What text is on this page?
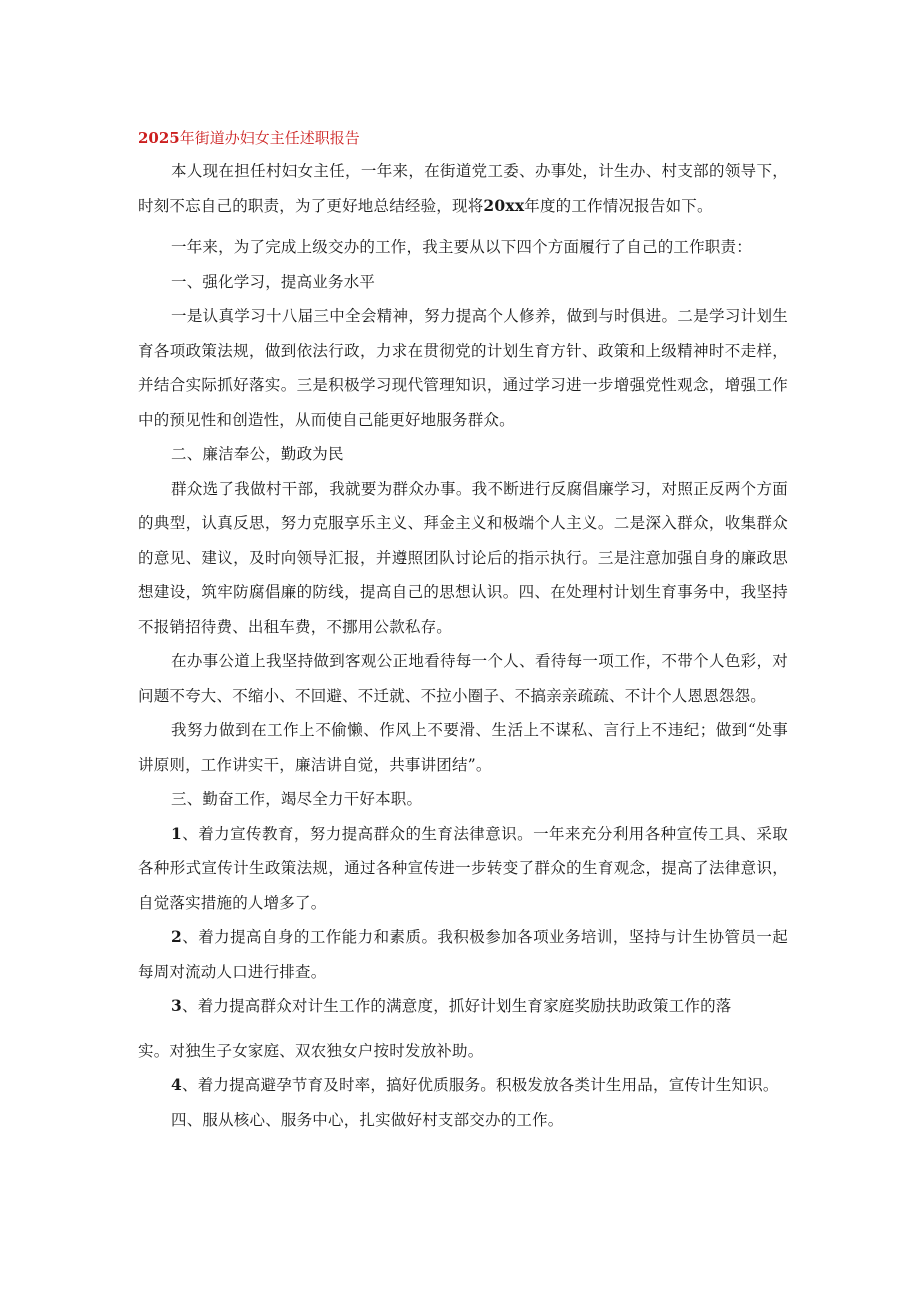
2025年街道办妇女主任述职报告

本人现在担任村妇女主任，一年来，在街道党工委、办事处，计生办、村支部的领导下，时刻不忘自己的职责，为了更好地总结经验，现将20xx年度的工作情况报告如下。

一年来，为了完成上级交办的工作，我主要从以下四个方面履行了自己的工作职责：

一、强化学习，提高业务水平

一是认真学习十八届三中全会精神，努力提高个人修养，做到与时俱进。二是学习计划生育各项政策法规，做到依法行政，力求在贯彻党的计划生育方针、政策和上级精神时不走样，并结合实际抓好落实。三是积极学习现代管理知识，通过学习进一步增强党性观念，增强工作中的预见性和创造性，从而使自己能更好地服务群众。

二、廉洁奉公，勤政为民

群众选了我做村干部，我就要为群众办事。我不断进行反腐倡廉学习，对照正反两个方面的典型，认真反思，努力克服享乐主义、拜金主义和极端个人主义。二是深入群众，收集群众的意见、建议，及时向领导汇报，并遵照团队讨论后的指示执行。三是注意加强自身的廉政思想建设，筑牢防腐倡廉的防线，提高自己的思想认识。四、在处理村计划生育事务中，我坚持不报销招待费、出租车费，不挪用公款私存。

在办事公道上我坚持做到客观公正地看待每一个人、看待每一项工作，不带个人色彩，对问题不夸大、不缩小、不回避、不迁就、不拉小圈子、不搞亲亲疏疏、不计个人恩恩怨怨。

我努力做到在工作上不偷懒、作风上不要滑、生活上不谋私、言行上不违纪；做到“处事讲原则，工作讲实干，廉洁讲自觉，共事讲团结”。

三、勤奋工作，竭尽全力干好本职。

1、着力宣传教育，努力提高群众的生育法律意识。一年来充分利用各种宣传工具、采取各种形式宣传计生政策法规，通过各种宣传进一步转变了群众的生育观念，提高了法律意识，自觉落实措施的人增多了。

2、着力提高自身的工作能力和素质。我积极参加各项业务培训，坚持与计生协管员一起每周对流动人口进行排查。

3、着力提高群众对计生工作的满意度，抓好计划生育家庭奖励扶助政策工作的落

实。对独生子女家庭、双农独女户按时发放补助。

4、着力提高避孕节育及时率，搞好优质服务。积极发放各类计生用品，宣传计生知识。

四、服从核心、服务中心，扎实做好村支部交办的工作。
